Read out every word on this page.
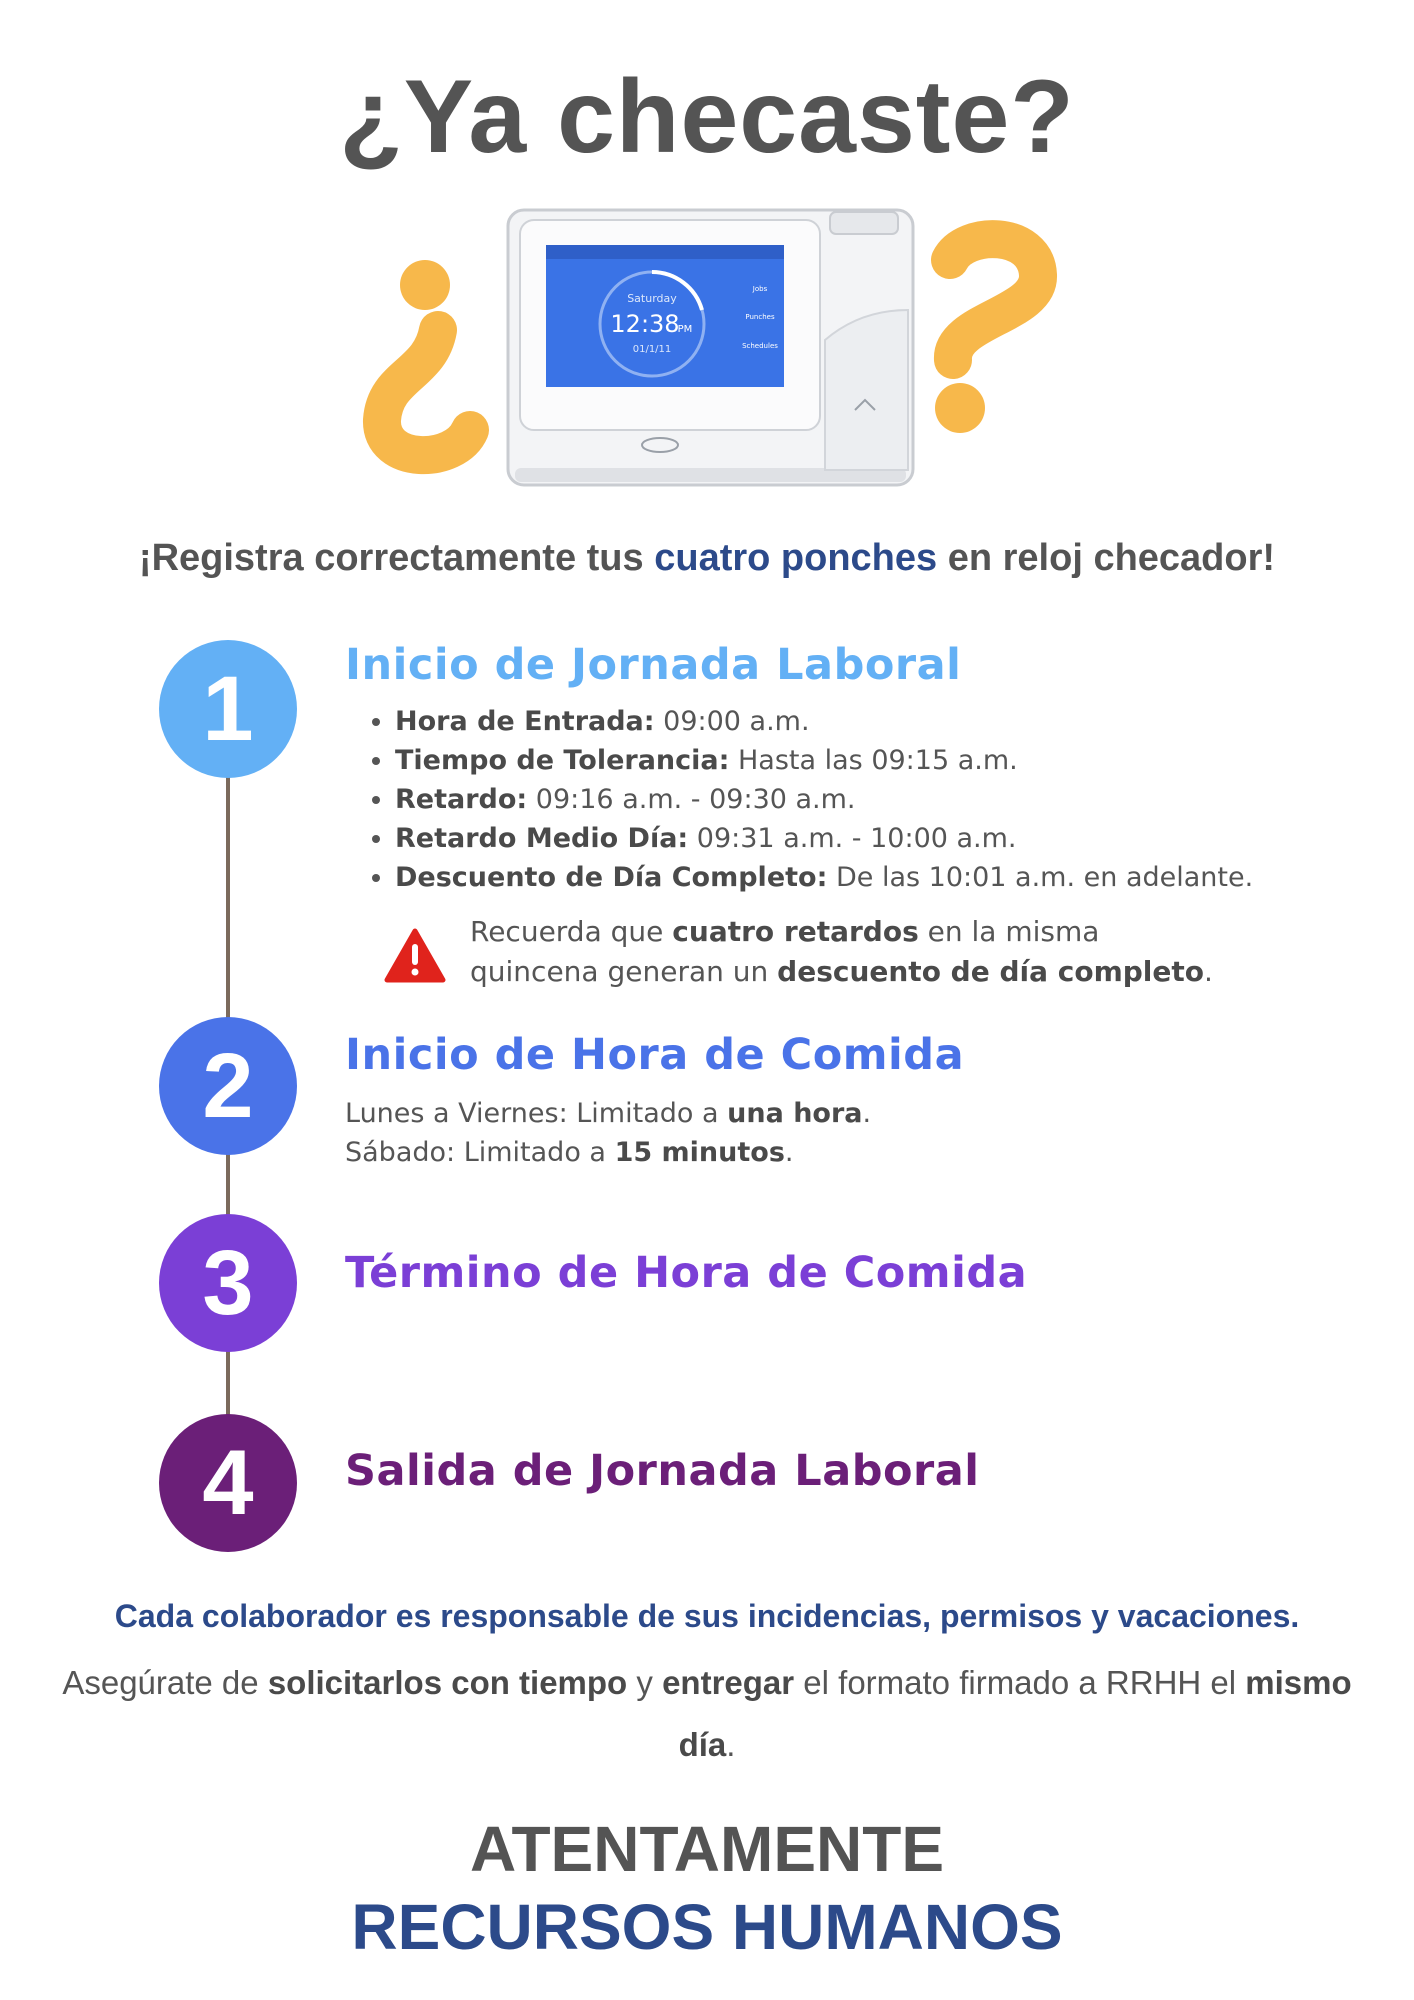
¿Ya checaste?
Saturday
12:38
PM
01/1/11
Jobs
Punches
Schedules
¡Registra correctamente tus cuatro ponches en reloj checador!
1 Inicio de Jornada Laboral
• Hora de Entrada: 09:00 a.m.
• Tiempo de Tolerancia: Hasta las 09:15 a.m.
• Retardo: 09:16 a.m. - 09:30 a.m.
• Retardo Medio Día: 09:31 a.m. - 10:00 a.m.
• Descuento de Día Completo: De las 10:01 a.m. en adelante.
Recuerda que cuatro retardos en la misma
quincena generan un descuento de día completo.
2 Inicio de Hora de Comida
Lunes a Viernes: Limitado a una hora.
Sábado: Limitado a 15 minutos.
3 Término de Hora de Comida
4 Salida de Jornada Laboral
Cada colaborador es responsable de sus incidencias, permisos y vacaciones.
Asegúrate de solicitarlos con tiempo y entregar el formato firmado a RRHH el mismo día.
ATENTAMENTE
RECURSOS HUMANOS
